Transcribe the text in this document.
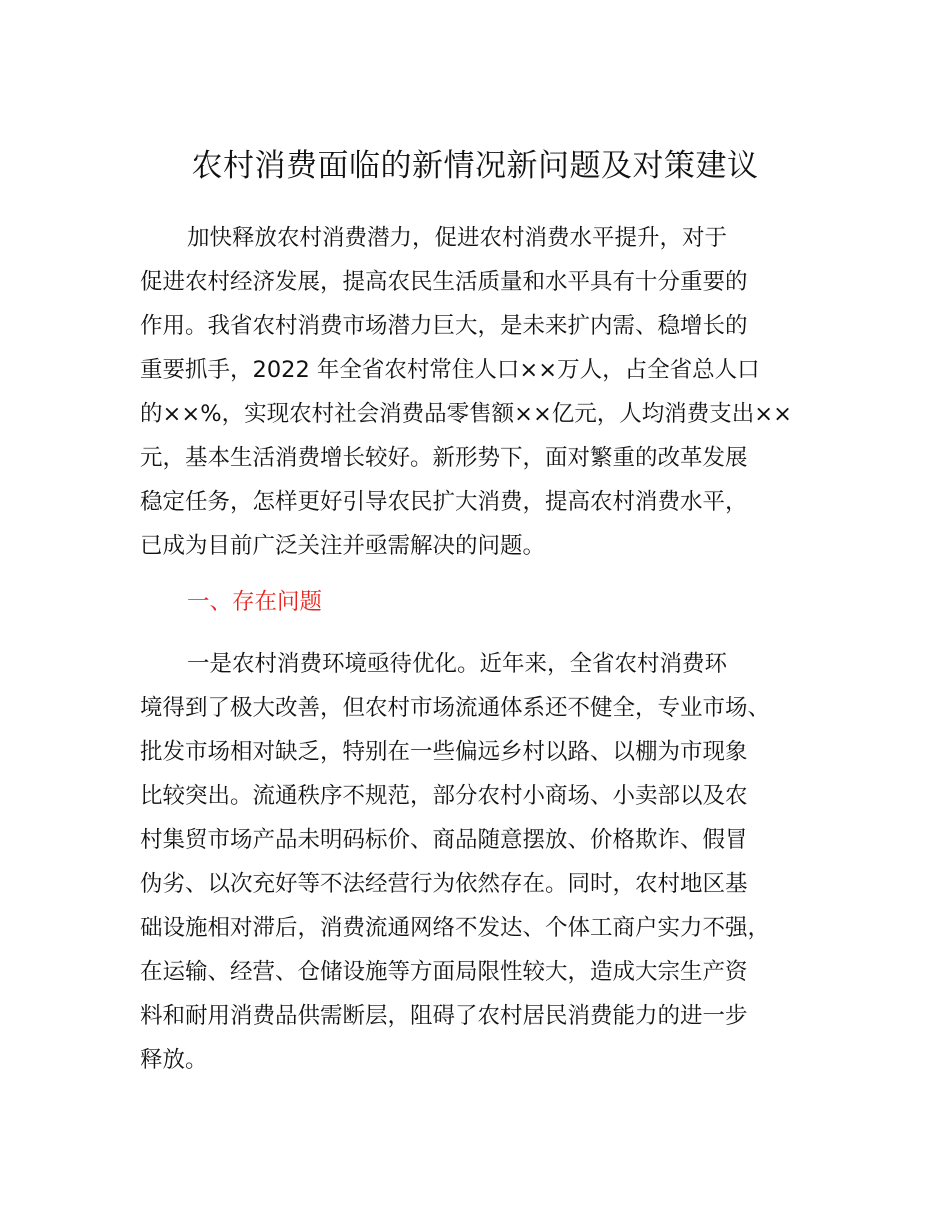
农村消费面临的新情况新问题及对策建议
加快释放农村消费潜力，促进农村消费水平提升，对于
促进农村经济发展，提高农民生活质量和水平具有十分重要的
作用。我省农村消费市场潜力巨大，是未来扩内需、稳增长的
重要抓手，2022 年全省农村常住人口××万人，占全省总人口
的××%，实现农村社会消费品零售额××亿元，人均消费支出××
元，基本生活消费增长较好。新形势下，面对繁重的改革发展
稳定任务，怎样更好引导农民扩大消费，提高农村消费水平，
已成为目前广泛关注并亟需解决的问题。
一、存在问题
一是农村消费环境亟待优化。近年来，全省农村消费环
境得到了极大改善，但农村市场流通体系还不健全，专业市场、
批发市场相对缺乏，特别在一些偏远乡村以路、以棚为市现象
比较突出。流通秩序不规范，部分农村小商场、小卖部以及农
村集贸市场产品未明码标价、商品随意摆放、价格欺诈、假冒
伪劣、以次充好等不法经营行为依然存在。同时，农村地区基
础设施相对滞后，消费流通网络不发达、个体工商户实力不强，
在运输、经营、仓储设施等方面局限性较大，造成大宗生产资
料和耐用消费品供需断层，阻碍了农村居民消费能力的进一步
释放。
